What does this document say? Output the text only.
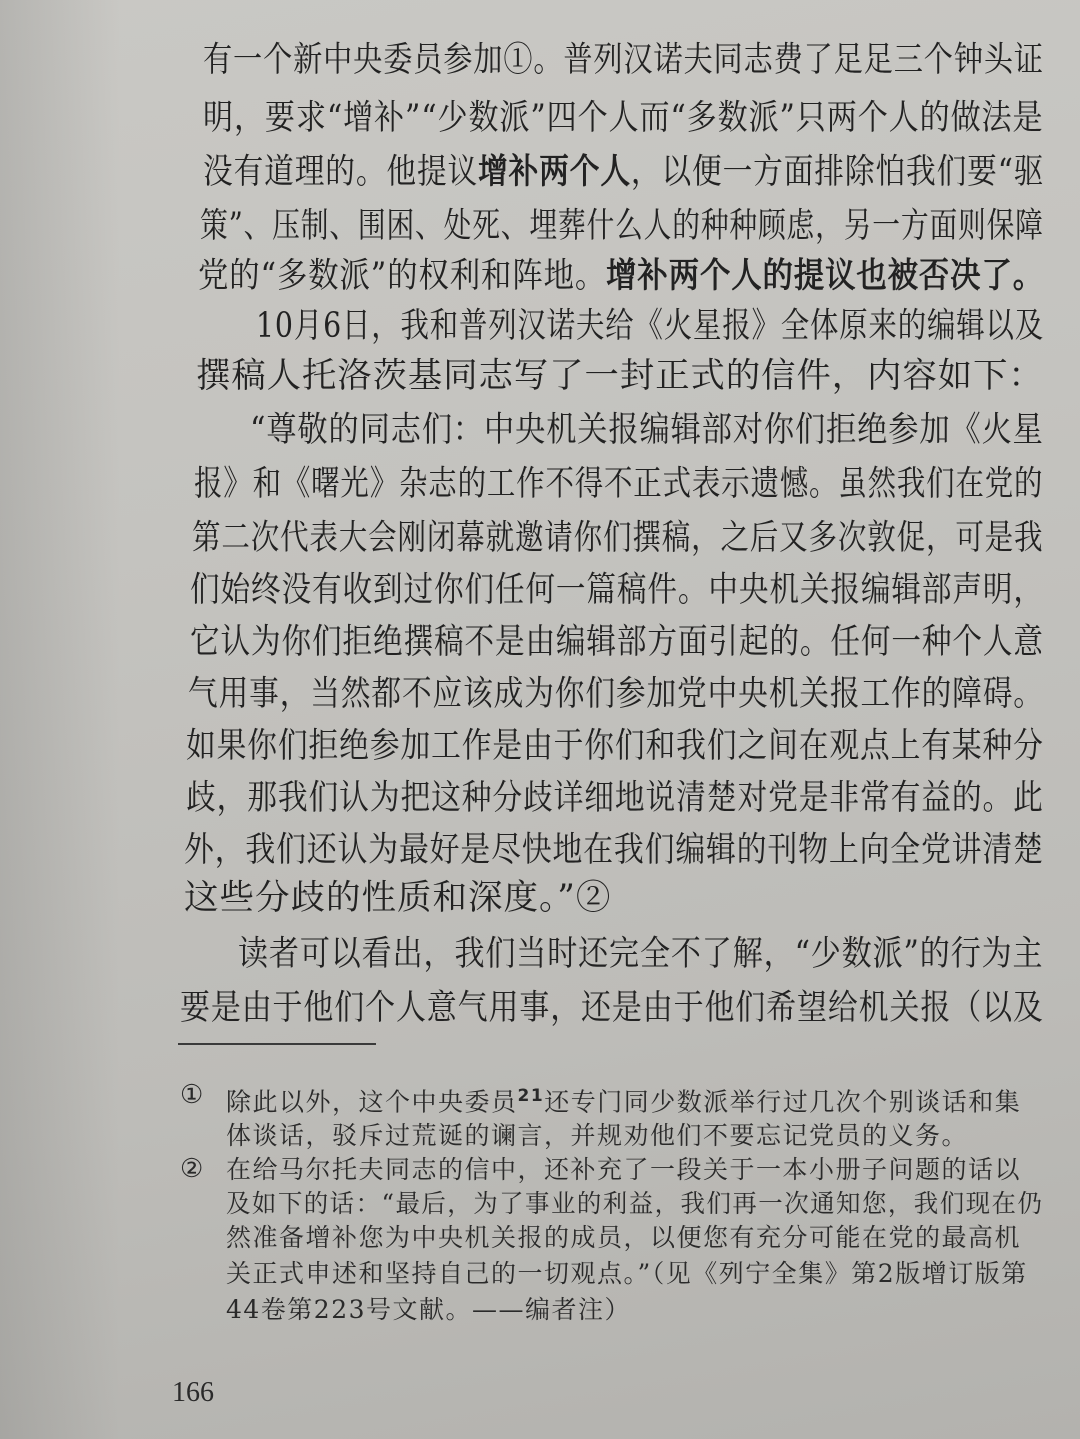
有一个新中央委员参加①。普列汉诺夫同志费了足足三个钟头证
明，要求“增补”“少数派”四个人而“多数派”只两个人的做法是
没有道理的。他提议增补两个人，以便一方面排除怕我们要“驱
策”、压制、围困、处死、埋葬什么人的种种顾虑，另一方面则保障
党的“多数派”的权利和阵地。增补两个人的提议也被否决了。
10月6日，我和普列汉诺夫给《火星报》全体原来的编辑以及
撰稿人托洛茨基同志写了一封正式的信件，内容如下：
“尊敬的同志们：中央机关报编辑部对你们拒绝参加《火星
报》和《曙光》杂志的工作不得不正式表示遗憾。虽然我们在党的
第二次代表大会刚闭幕就邀请你们撰稿，之后又多次敦促，可是我
们始终没有收到过你们任何一篇稿件。中央机关报编辑部声明，
它认为你们拒绝撰稿不是由编辑部方面引起的。任何一种个人意
气用事，当然都不应该成为你们参加党中央机关报工作的障碍。
如果你们拒绝参加工作是由于你们和我们之间在观点上有某种分
歧，那我们认为把这种分歧详细地说清楚对党是非常有益的。此
外，我们还认为最好是尽快地在我们编辑的刊物上向全党讲清楚
这些分歧的性质和深度。”②
读者可以看出，我们当时还完全不了解，“少数派”的行为主
要是由于他们个人意气用事，还是由于他们希望给机关报（以及
① 除此以外，这个中央委员$^{21}$还专门同少数派举行过几次个别谈话和集
体谈话，驳斥过荒诞的谰言，并规劝他们不要忘记党员的义务。
② 在给马尔托夫同志的信中，还补充了一段关于一本小册子问题的话以
及如下的话：“最后，为了事业的利益，我们再一次通知您，我们现在仍
然准备增补您为中央机关报的成员，以便您有充分可能在党的最高机
关正式申述和坚持自己的一切观点。”（见《列宁全集》第2版增订版第
44卷第223号文献。——编者注）
166
